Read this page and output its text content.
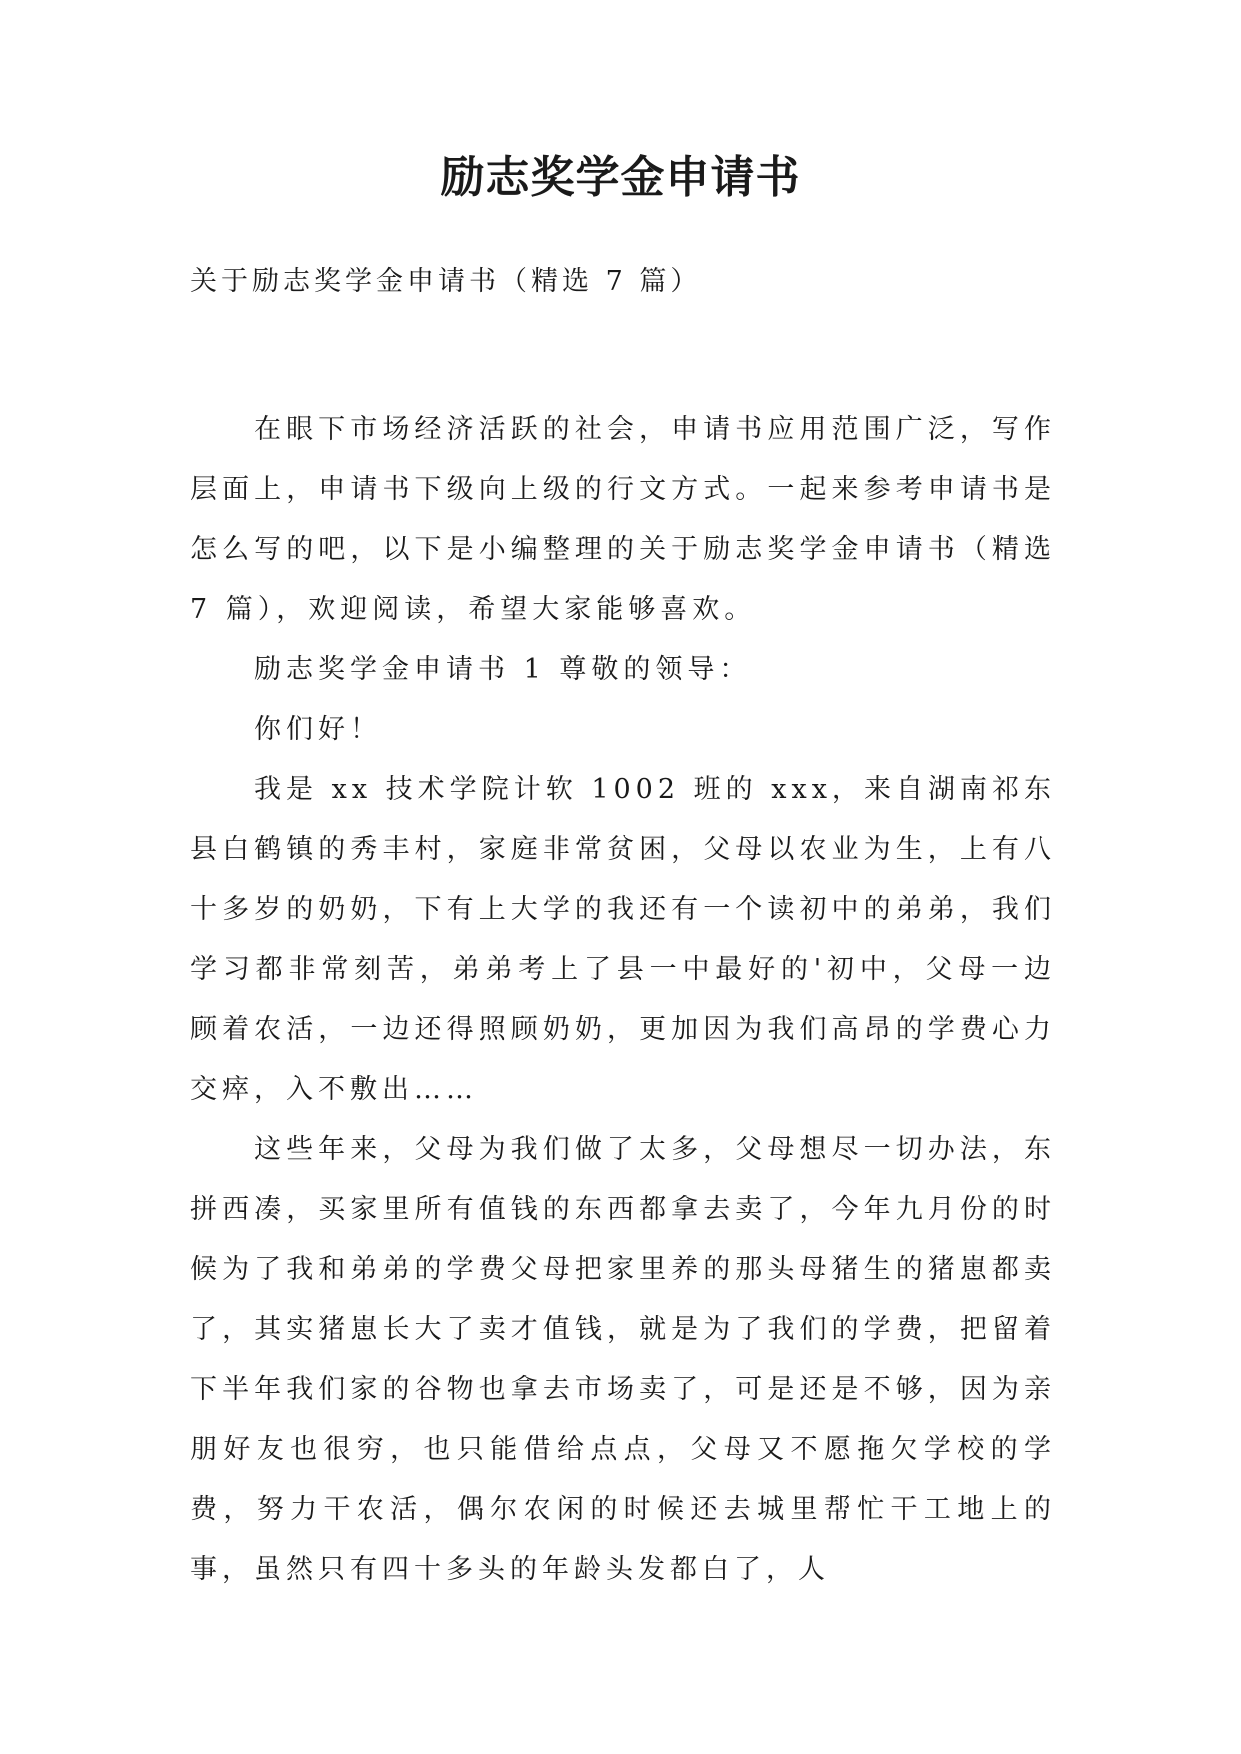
励志奖学金申请书

关于励志奖学金申请书（精选 7 篇）

在眼下市场经济活跃的社会，申请书应用范围广泛，写作层面上，申请书下级向上级的行文方式。一起来参考申请书是怎么写的吧，以下是小编整理的关于励志奖学金申请书（精选 7 篇），欢迎阅读，希望大家能够喜欢。

励志奖学金申请书 1 尊敬的领导：

你们好！

我是 xx 技术学院计软 1002 班的 xxx，来自湖南祁东县白鹤镇的秀丰村，家庭非常贫困，父母以农业为生，上有八十多岁的奶奶，下有上大学的我还有一个读初中的弟弟，我们学习都非常刻苦，弟弟考上了县一中最好的'初中，父母一边顾着农活，一边还得照顾奶奶，更加因为我们高昂的学费心力交瘁，入不敷出……

这些年来，父母为我们做了太多，父母想尽一切办法，东拼西凑，买家里所有值钱的东西都拿去卖了，今年九月份的时候为了我和弟弟的学费父母把家里养的那头母猪生的猪崽都卖了，其实猪崽长大了卖才值钱，就是为了我们的学费，把留着下半年我们家的谷物也拿去市场卖了，可是还是不够，因为亲朋好友也很穷，也只能借给点点，父母又不愿拖欠学校的学费，努力干农活，偶尔农闲的时候还去城里帮忙干工地上的事，虽然只有四十多头的年龄头发都白了，人
